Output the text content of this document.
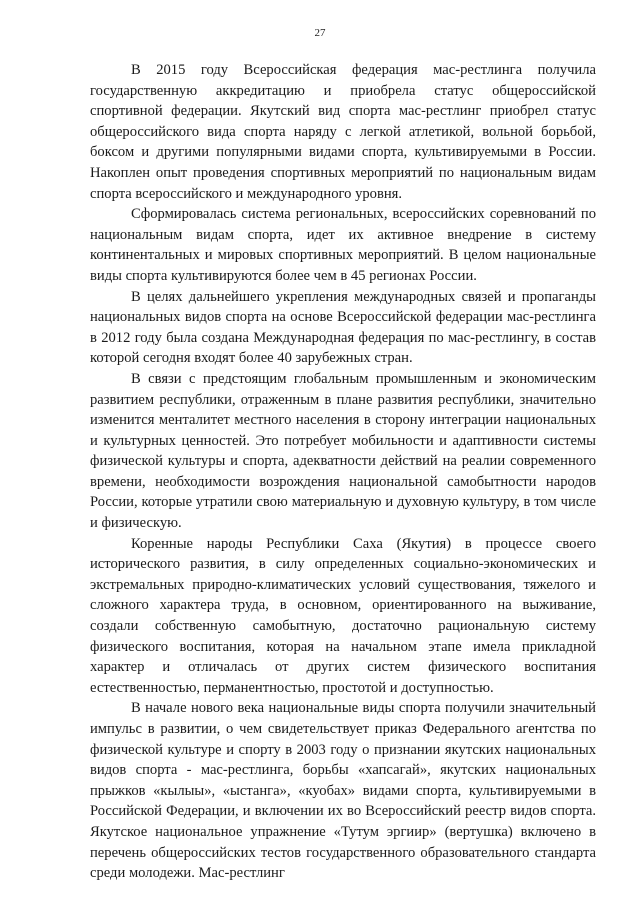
27

В 2015 году Всероссийская федерация мас-рестлинга получила государственную аккредитацию и приобрела статус общероссийской спортивной федерации. Якутский вид спорта мас-рестлинг приобрел статус общероссийского вида спорта наряду с легкой атлетикой, вольной борьбой, боксом и другими популярными видами спорта, культивируемыми в России. Накоплен опыт проведения спортивных мероприятий по национальным видам спорта всероссийского и международного уровня.

Сформировалась система региональных, всероссийских соревнований по национальным видам спорта, идет их активное внедрение в систему континентальных и мировых спортивных мероприятий. В целом национальные виды спорта культивируются более чем в 45 регионах России.

В целях дальнейшего укрепления международных связей и пропаганды национальных видов спорта на основе Всероссийской федерации мас-рестлинга в 2012 году была создана Международная федерация по мас-рестлингу, в состав которой сегодня входят более 40 зарубежных стран.

В связи с предстоящим глобальным промышленным и экономическим развитием республики, отраженным в плане развития республики, значительно изменится менталитет местного населения в сторону интеграции национальных и культурных ценностей. Это потребует мобильности и адаптивности системы физической культуры и спорта, адекватности действий на реалии современного времени, необходимости возрождения национальной самобытности народов России, которые утратили свою материальную и духовную культуру, в том числе и физическую.

Коренные народы Республики Саха (Якутия) в процессе своего исторического развития, в силу определенных социально-экономических и экстремальных природно-климатических условий существования, тяжелого и сложного характера труда, в основном, ориентированного на выживание, создали собственную самобытную, достаточно рациональную систему физического воспитания, которая на начальном этапе имела прикладной характер и отличалась от других систем физического воспитания естественностью, перманентностью, простотой и доступностью.

В начале нового века национальные виды спорта получили значительный импульс в развитии, о чем свидетельствует приказ Федерального агентства по физической культуре и спорту в 2003 году о признании якутских национальных видов спорта - мас-рестлинга, борьбы «хапсагай», якутских национальных прыжков «кылыы», «ыстанга», «куобах» видами спорта, культивируемыми в Российской Федерации, и включении их во Всероссийский реестр видов спорта. Якутское национальное упражнение «Тутум эргиир» (вертушка) включено в перечень общероссийских тестов государственного образовательного стандарта среди молодежи. Мас-рестлинг
